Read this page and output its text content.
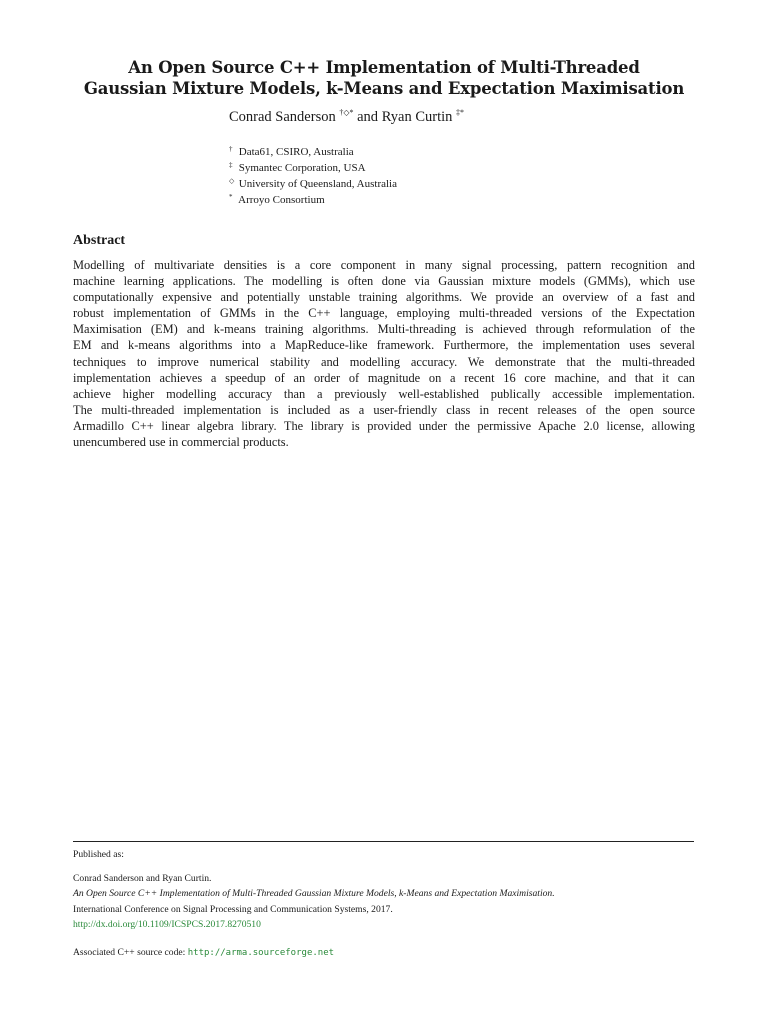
An Open Source C++ Implementation of Multi-Threaded
Gaussian Mixture Models, k-Means and Expectation Maximisation
Conrad Sanderson †◇* and Ryan Curtin ‡*
† Data61, CSIRO, Australia
‡ Symantec Corporation, USA
◇ University of Queensland, Australia
* Arroyo Consortium
Abstract
Modelling of multivariate densities is a core component in many signal processing, pattern recognition and
machine learning applications. The modelling is often done via Gaussian mixture models (GMMs), which use
computationally expensive and potentially unstable training algorithms. We provide an overview of a fast and
robust implementation of GMMs in the C++ language, employing multi-threaded versions of the Expectation
Maximisation (EM) and k-means training algorithms. Multi-threading is achieved through reformulation of the
EM and k-means algorithms into a MapReduce-like framework. Furthermore, the implementation uses several
techniques to improve numerical stability and modelling accuracy. We demonstrate that the multi-threaded
implementation achieves a speedup of an order of magnitude on a recent 16 core machine, and that it can
achieve higher modelling accuracy than a previously well-established publically accessible implementation.
The multi-threaded implementation is included as a user-friendly class in recent releases of the open source
Armadillo C++ linear algebra library. The library is provided under the permissive Apache 2.0 license, allowing
unencumbered use in commercial products.
Published as:
Conrad Sanderson and Ryan Curtin.
An Open Source C++ Implementation of Multi-Threaded Gaussian Mixture Models, k-Means and Expectation Maximisation.
International Conference on Signal Processing and Communication Systems, 2017.
http://dx.doi.org/10.1109/ICSPCS.2017.8270510
Associated C++ source code: http://arma.sourceforge.net
